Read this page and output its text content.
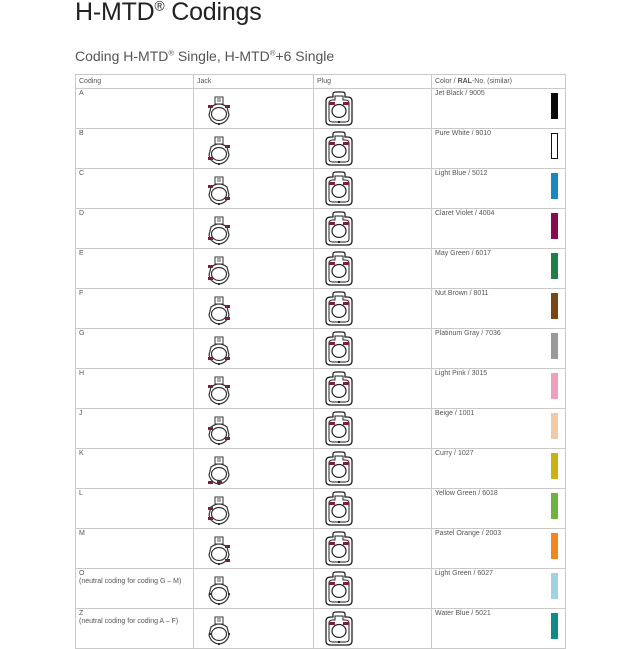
H-MTD® Codings
Coding H-MTD® Single, H-MTD®+6 Single
Coding	Jack	Plug	Color / RAL-No. (similar)
A			Jet Black / 9005

B			Pure White / 9010

C			Light Blue / 5012

D			Claret Violet / 4004

E			May Green / 6017

F			Nut Brown / 8011

G			Platinum Gray / 7036

H			Light Pink / 3015

J			Beige / 1001

K			Curry / 1027

L			Yellow Green / 6018

M			Pastel Orange / 2003

O
(neutral coding for coding G – M)			Light Green / 6027

Z
(neutral coding for coding A – F)			Water Blue / 5021
